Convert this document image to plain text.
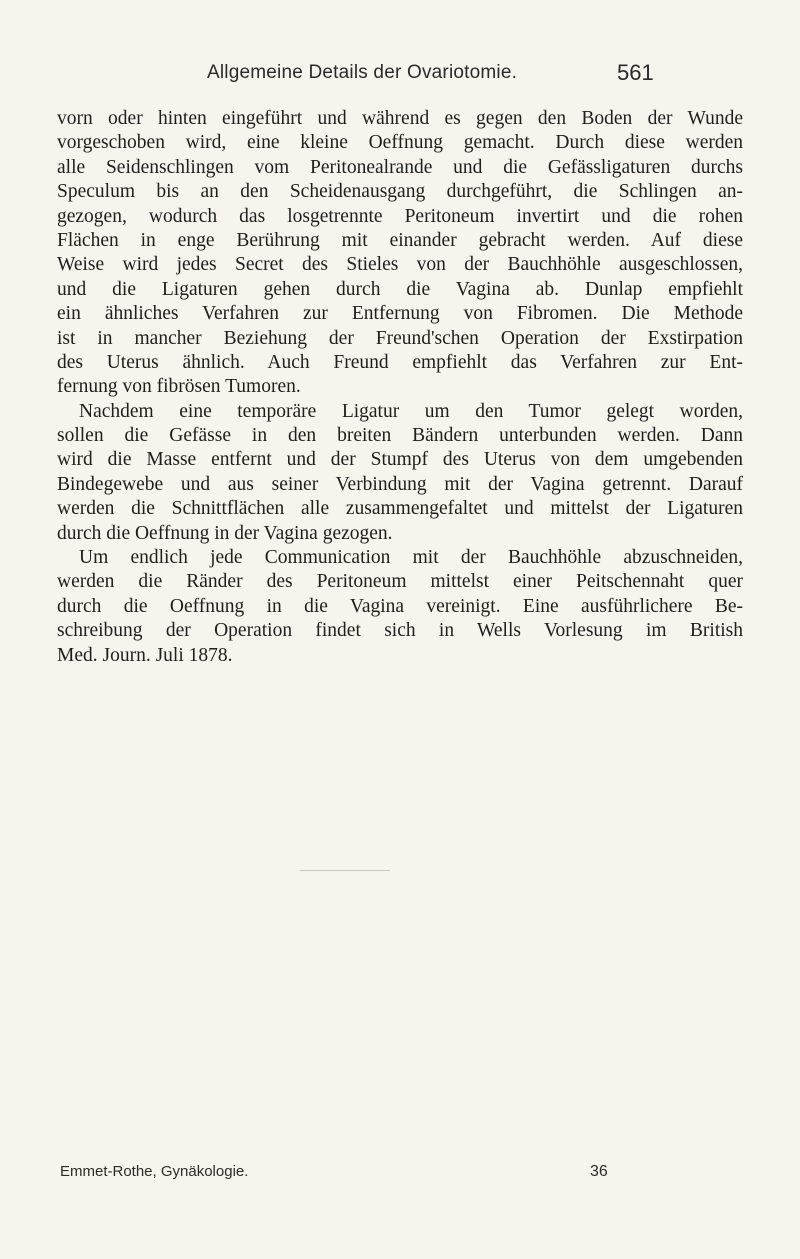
Allgemeine Details der Ovariotomie.	561
vorn oder hinten eingeführt und während es gegen den Boden der Wunde
vorgeschoben wird, eine kleine Oeffnung gemacht. Durch diese werden
alle Seidenschlingen vom Peritonealrande und die Gefässligaturen durchs
Speculum bis an den Scheidenausgang durchgeführt, die Schlingen an-
gezogen, wodurch das losgetrennte Peritoneum invertirt und die rohen
Flächen in enge Berührung mit einander gebracht werden. Auf diese
Weise wird jedes Secret des Stieles von der Bauchhöhle ausgeschlossen,
und die Ligaturen gehen durch die Vagina ab. Dunlap empfiehlt
ein ähnliches Verfahren zur Entfernung von Fibromen. Die Methode
ist in mancher Beziehung der Freund'schen Operation der Exstirpation
des Uterus ähnlich. Auch Freund empfiehlt das Verfahren zur Ent-
fernung von fibrösen Tumoren.
Nachdem eine temporäre Ligatur um den Tumor gelegt worden,
sollen die Gefässe in den breiten Bändern unterbunden werden. Dann
wird die Masse entfernt und der Stumpf des Uterus von dem umgebenden
Bindegewebe und aus seiner Verbindung mit der Vagina getrennt. Darauf
werden die Schnittflächen alle zusammengefaltet und mittelst der Ligaturen
durch die Oeffnung in der Vagina gezogen.
Um endlich jede Communication mit der Bauchhöhle abzuschneiden,
werden die Ränder des Peritoneum mittelst einer Peitschennaht quer
durch die Oeffnung in die Vagina vereinigt. Eine ausführlichere Be-
schreibung der Operation findet sich in Wells Vorlesung im British
Med. Journ. Juli 1878.
Emmet-Rothe, Gynäkologie.	36
